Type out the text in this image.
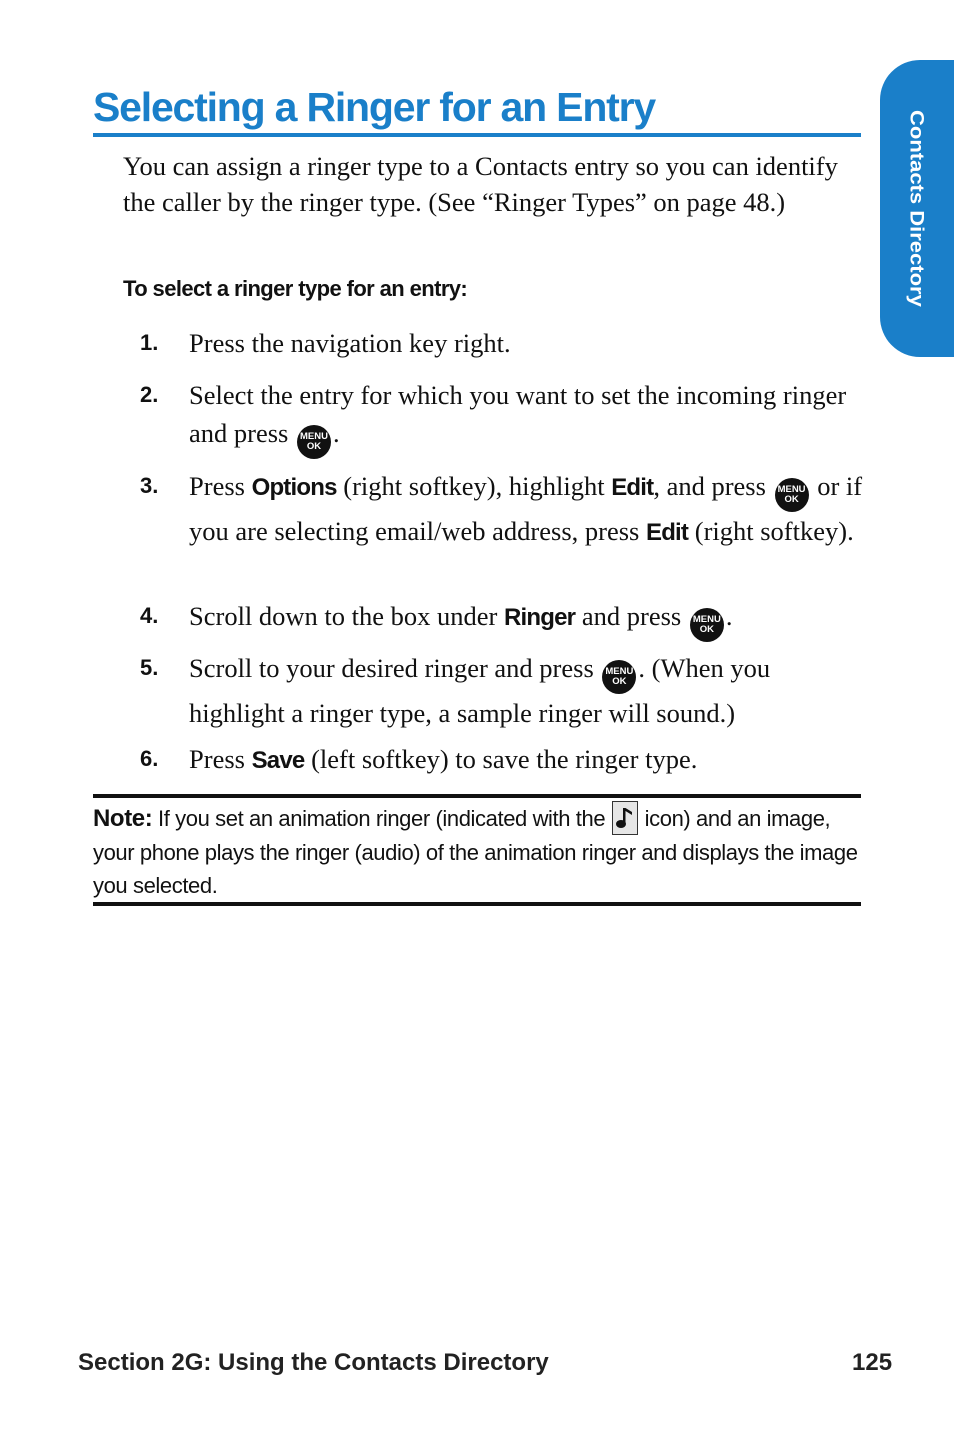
Contacts Directory
Selecting a Ringer for an Entry

You can assign a ringer type to a Contacts entry so you can identify the caller by the ringer type. (See “Ringer Types” on page 48.)

To select a ringer type for an entry:

1.	Press the navigation key right.
2.	Select the entry for which you want to set the incoming ringer and press	MENU
OK .
3.	Press Options (right softkey), highlight Edit, and press	MENU
OK or if you are selecting email/web address, press Edit (right softkey).
4.	Scroll down to the box under Ringer and press	MENU
OK .
5.	Scroll to your desired ringer and press	MENU
OK . (When you highlight a ringer type, a sample ringer will sound.)
6.	Press Save (left softkey) to save the ringer type.

Note: If you set an animation ringer (indicated with the icon) and an image, your phone plays the ringer (audio) of the animation ringer and displays the image you selected.

Section 2G: Using the Contacts Directory	125
